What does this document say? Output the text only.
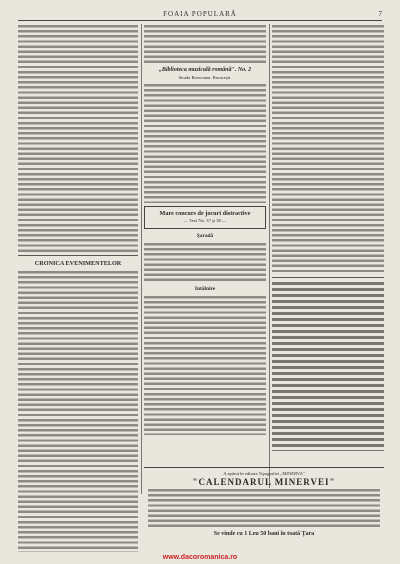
FOAIA POPULARĂ	7

CRONICA EVENIMENTELOR

„Biblioteca muzicală română". No. 2
Strada Brezoianu. Bucureşti.

Mare concurs de jocuri distractive
— Vezi No. 37 şi 38 —
Şaradă

Intălnire

A apărut în editura Tipografiei „MINERVA"
"CALENDARUL MINERVEI"
Se vinde cu 1 Leu 50 bani în toată Ţara
www.dacoromanica.ro
